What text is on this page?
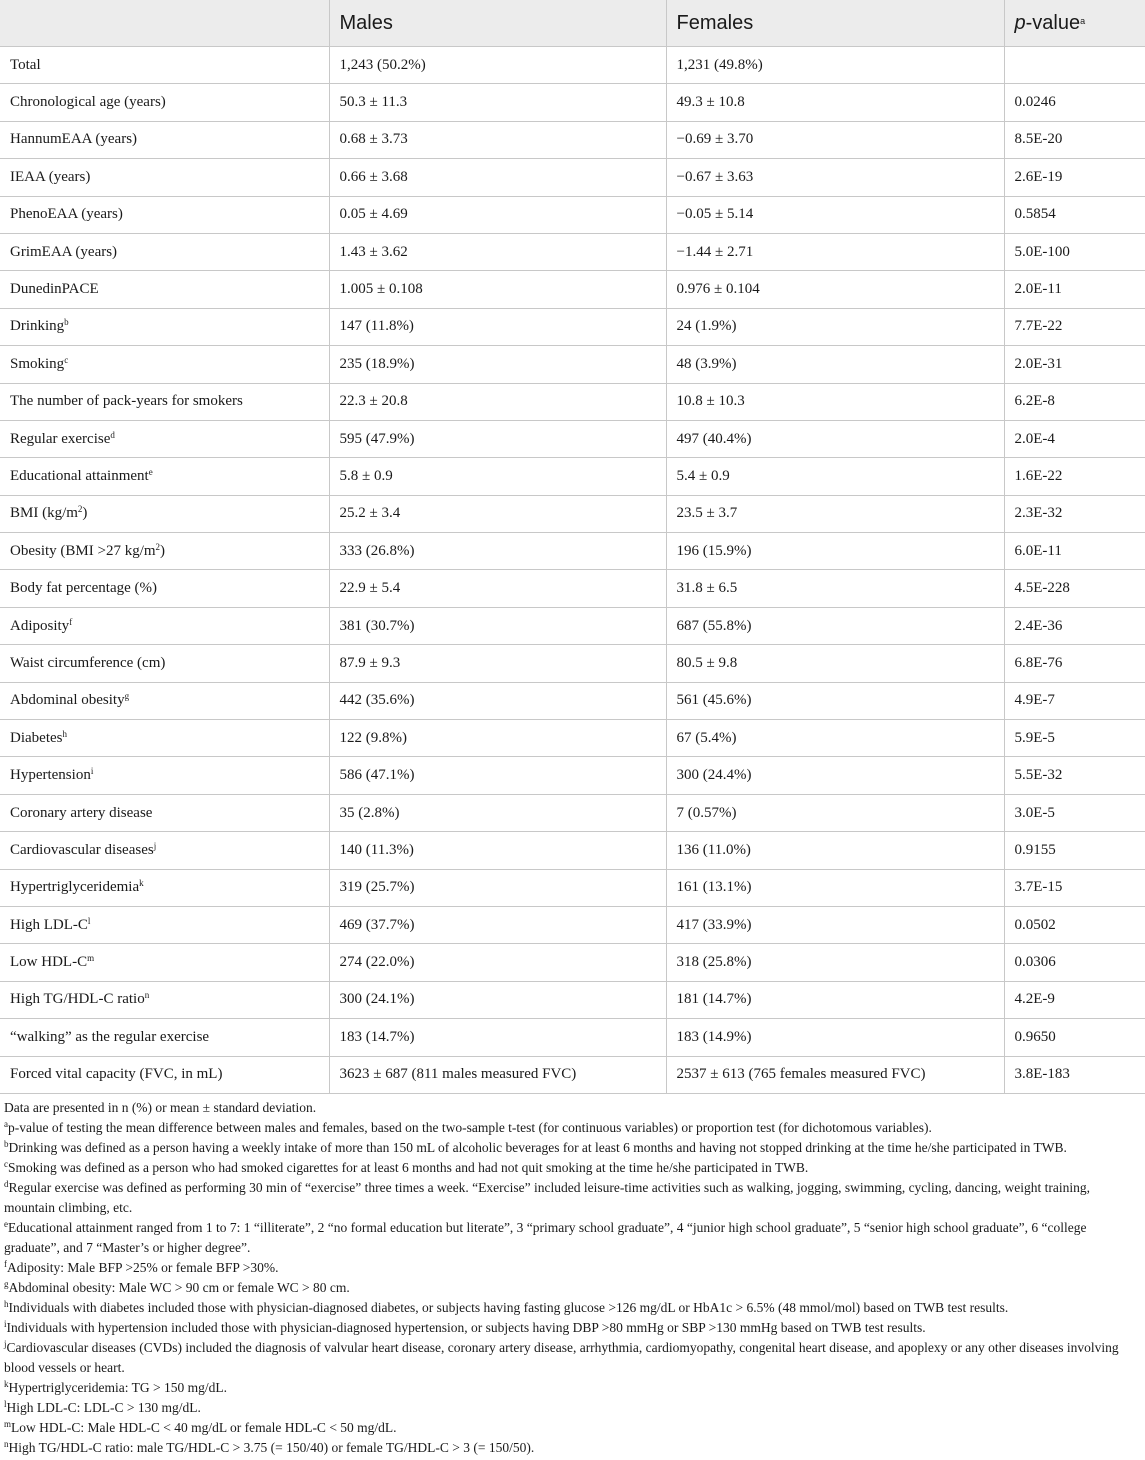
	Males	Females	p-value$^a$
Total	1,243 (50.2%)	1,231 (49.8%)	
Chronological age (years)	50.3 ± 11.3	49.3 ± 10.8	0.0246
HannumEAA (years)	0.68 ± 3.73	−0.69 ± 3.70	8.5E-20
IEAA (years)	0.66 ± 3.68	−0.67 ± 3.63	2.6E-19
PhenoEAA (years)	0.05 ± 4.69	−0.05 ± 5.14	0.5854
GrimEAA (years)	1.43 ± 3.62	−1.44 ± 2.71	5.0E-100
DunedinPACE	1.005 ± 0.108	0.976 ± 0.104	2.0E-11
Drinking$^b$	147 (11.8%)	24 (1.9%)	7.7E-22
Smoking$^c$	235 (18.9%)	48 (3.9%)	2.0E-31
The number of pack-years for smokers	22.3 ± 20.8	10.8 ± 10.3	6.2E-8
Regular exercise$^d$	595 (47.9%)	497 (40.4%)	2.0E-4
Educational attainment$^e$	5.8 ± 0.9	5.4 ± 0.9	1.6E-22
BMI $(kg/m^2)$	25.2 ± 3.4	23.5 ± 3.7	2.3E-32
Obesity (BMI >27 $kg/m^2$)	333 (26.8%)	196 (15.9%)	6.0E-11
Body fat percentage (%)	22.9 ± 5.4	31.8 ± 6.5	4.5E-228
Adiposity$^f$	381 (30.7%)	687 (55.8%)	2.4E-36
Waist circumference (cm)	87.9 ± 9.3	80.5 ± 9.8	6.8E-76
Abdominal obesity$^g$	442 (35.6%)	561 (45.6%)	4.9E-7
Diabetes$^h$	122 (9.8%)	67 (5.4%)	5.9E-5
Hypertension$^i$	586 (47.1%)	300 (24.4%)	5.5E-32
Coronary artery disease	35 (2.8%)	7 (0.57%)	3.0E-5
Cardiovascular diseases$^j$	140 (11.3%)	136 (11.0%)	0.9155
Hypertriglyceridemia$^k$	319 (25.7%)	161 (13.1%)	3.7E-15
High LDL-$C^l$	469 (37.7%)	417 (33.9%)	0.0502
Low HDL-$C^m$	274 (22.0%)	318 (25.8%)	0.0306
High TG/HDL-C ratio$^n$	300 (24.1%)	181 (14.7%)	4.2E-9
“walking” as the regular exercise	183 (14.7%)	183 (14.9%)	0.9650
Forced vital capacity (FVC, in mL)	3623 ± 687 (811 males measured FVC)	2537 ± 613 (765 females measured FVC)	3.8E-183

Data are presented in n (%) or mean ± standard deviation.

$^a$p-value of testing the mean difference between males and females, based on the two-sample t-test (for continuous variables) or proportion test (for dichotomous variables).

$^b$Drinking was defined as a person having a weekly intake of more than 150 mL of alcoholic beverages for at least 6 months and having not stopped drinking at the time he/she participated in TWB.

$^c$Smoking was defined as a person who had smoked cigarettes for at least 6 months and had not quit smoking at the time he/she participated in TWB.

$^d$Regular exercise was defined as performing 30 min of “exercise” three times a week. “Exercise” included leisure-time activities such as walking, jogging, swimming, cycling, dancing, weight training, mountain climbing, etc.

$^e$Educational attainment ranged from 1 to 7: 1 “illiterate”, 2 “no formal education but literate”, 3 “primary school graduate”, 4 “junior high school graduate”, 5 “senior high school graduate”, 6 “college graduate”, and 7 “Master’s or higher degree”.

$^f$Adiposity: Male BFP >25% or female BFP >30%.

$^g$Abdominal obesity: Male WC > 90 cm or female WC > 80 cm.

$^h$Individuals with diabetes included those with physician-diagnosed diabetes, or subjects having fasting glucose >126 mg/dL or HbA1c > 6.5% (48 mmol/mol) based on TWB test results.

$^i$Individuals with hypertension included those with physician-diagnosed hypertension, or subjects having DBP >80 mmHg or SBP >130 mmHg based on TWB test results.

$^j$Cardiovascular diseases (CVDs) included the diagnosis of valvular heart disease, coronary artery disease, arrhythmia, cardiomyopathy, congenital heart disease, and apoplexy or any other diseases involving blood vessels or heart.

$^k$Hypertriglyceridemia: TG > 150 mg/dL.

$^l$High LDL-C: LDL-C > 130 mg/dL.

$^m$Low HDL-C: Male HDL-C < 40 mg/dL or female HDL-C < 50 mg/dL.

$^n$High TG/HDL-C ratio: male TG/HDL-C > 3.75 (= 150/40) or female TG/HDL-C > 3 (= 150/50).
